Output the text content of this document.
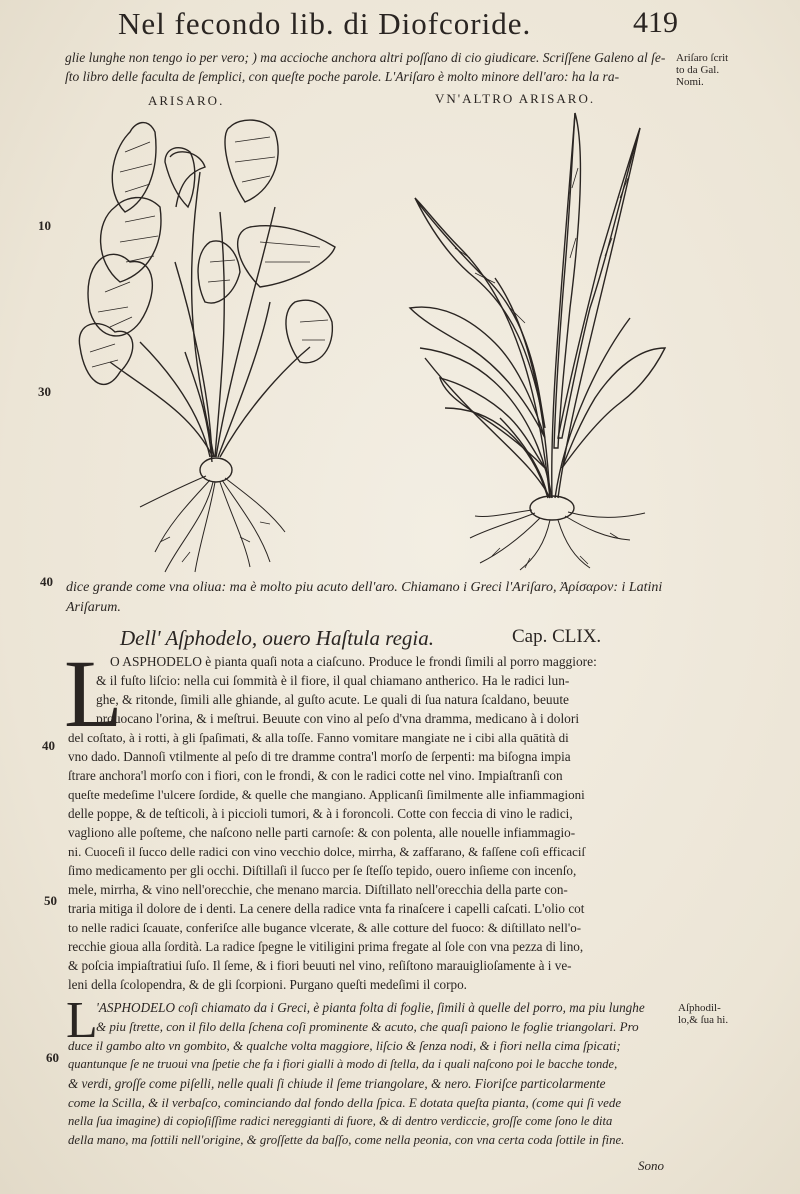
Nel fecondo lib. di Diofcoride.	419
glie lunghe non tengo io per vero; ) ma accioche anchora altri poſſano di cio giudicare. Scriſſene Galeno al ſe-
ſto libro delle faculta de ſemplici, con queſte poche parole. L'Ariſaro è molto minore dell'aro: ha la ra-
Ariſaro ſcrit
to da Gal.
Nomi.
ARISARO.	VN'ALTRO ARISARO.
10
30
40
40
50
60
dice grande come vna oliua: ma è molto piu acuto dell'aro. Chiamano i Greci l'Ariſaro, Ἀρίσαρον: i Latini
Ariſarum.
Dell' Aſphodelo, ouero Haſtula regia.	Cap. CLIX.
L
O ASPHODELO è pianta quaſi nota a ciaſcuno. Produce le frondi ſimili al porro maggiore:
& il fuſto liſcio: nella cui ſommità è il fiore, il qual chiamano antherico. Ha le radici lun-
ghe, & ritonde, ſimili alle ghiande, al guſto acute. Le quali di ſua natura ſcaldano, beuute
prouocano l'orina, & i meſtrui. Beuute con vino al peſo d'vna dramma, medicano à i dolori
del coſtato, à i rotti, à gli ſpaſimati, & alla toſſe. Fanno vomitare mangiate ne i cibi alla quātità di
vno dado. Dannoſi vtilmente al peſo di tre dramme contra'l morſo de ſerpenti: ma biſogna impia
ſtrare anchora'l morſo con i fiori, con le frondi, & con le radici cotte nel vino. Impiaſtranſi con
queſte medeſime l'ulcere ſordide, & quelle che mangiano. Applicanſi ſimilmente alle infiammagioni
delle poppe, & de teſticoli, à i piccioli tumori, & à i foroncoli. Cotte con feccia di vino le radici,
vagliono alle poſteme, che naſcono nelle parti carnoſe: & con polenta, alle nouelle infiammagio-
ni. Cuoceſi il ſucco delle radici con vino vecchio dolce, mirrha, & zaffarano, & faſſene coſi efficaciſ
ſimo medicamento per gli occhi. Diſtillaſi il ſucco per ſe ſteſſo tepido, ouero inſieme con incenſo,
mele, mirrha, & vino nell'orecchie, che menano marcia. Diſtillato nell'orecchia della parte con-
traria mitiga il dolore de i denti. La cenere della radice vnta fa rinaſcere i capelli caſcati. L'olio cot
to nelle radici ſcauate, conferiſce alle bugance vlcerate, & alle cotture del fuoco: & diſtillato nell'o-
recchie gioua alla ſordità. La radice ſpegne le vitiligini prima fregate al ſole con vna pezza di lino,
& poſcia impiaſtratiui ſuſo. Il ſeme, & i fiori beuuti nel vino, reſiſtono marauiglioſamente à i ve-
leni della ſcolopendra, & de gli ſcorpioni. Purgano queſti medeſimi il corpo.
L
'ASPHODELO coſi chiamato da i Greci, è pianta folta di foglie, ſimili à quelle del porro, ma piu lunghe
& piu ſtrette, con il filo della ſchena coſi prominente & acuto, che quaſi paiono le foglie triangolari. Pro
duce il gambo alto vn gombito, & qualche volta maggiore, liſcio & ſenza nodi, & i fiori nella cima ſpicati;
quantunque ſe ne truoui vna ſpetie che fa i fiori gialli à modo di ſtella, da i quali naſcono poi le bacche tonde,
& verdi, groſſe come piſelli, nelle quali ſi chiude il ſeme triangolare, & nero. Fioriſce particolarmente
come la Scilla, & il verbaſco, cominciando dal fondo della ſpica. E dotata queſta pianta, (come qui ſi vede
nella ſua imagine) di copioſiſſime radici nereggianti di fuore, & di dentro verdiccie, groſſe come ſono le dita
della mano, ma ſottili nell'origine, & groſſette da baſſo, come nella peonia, con vna certa coda ſottile in fine.
Aſphodil-
lo,& ſua hi.
Sono
